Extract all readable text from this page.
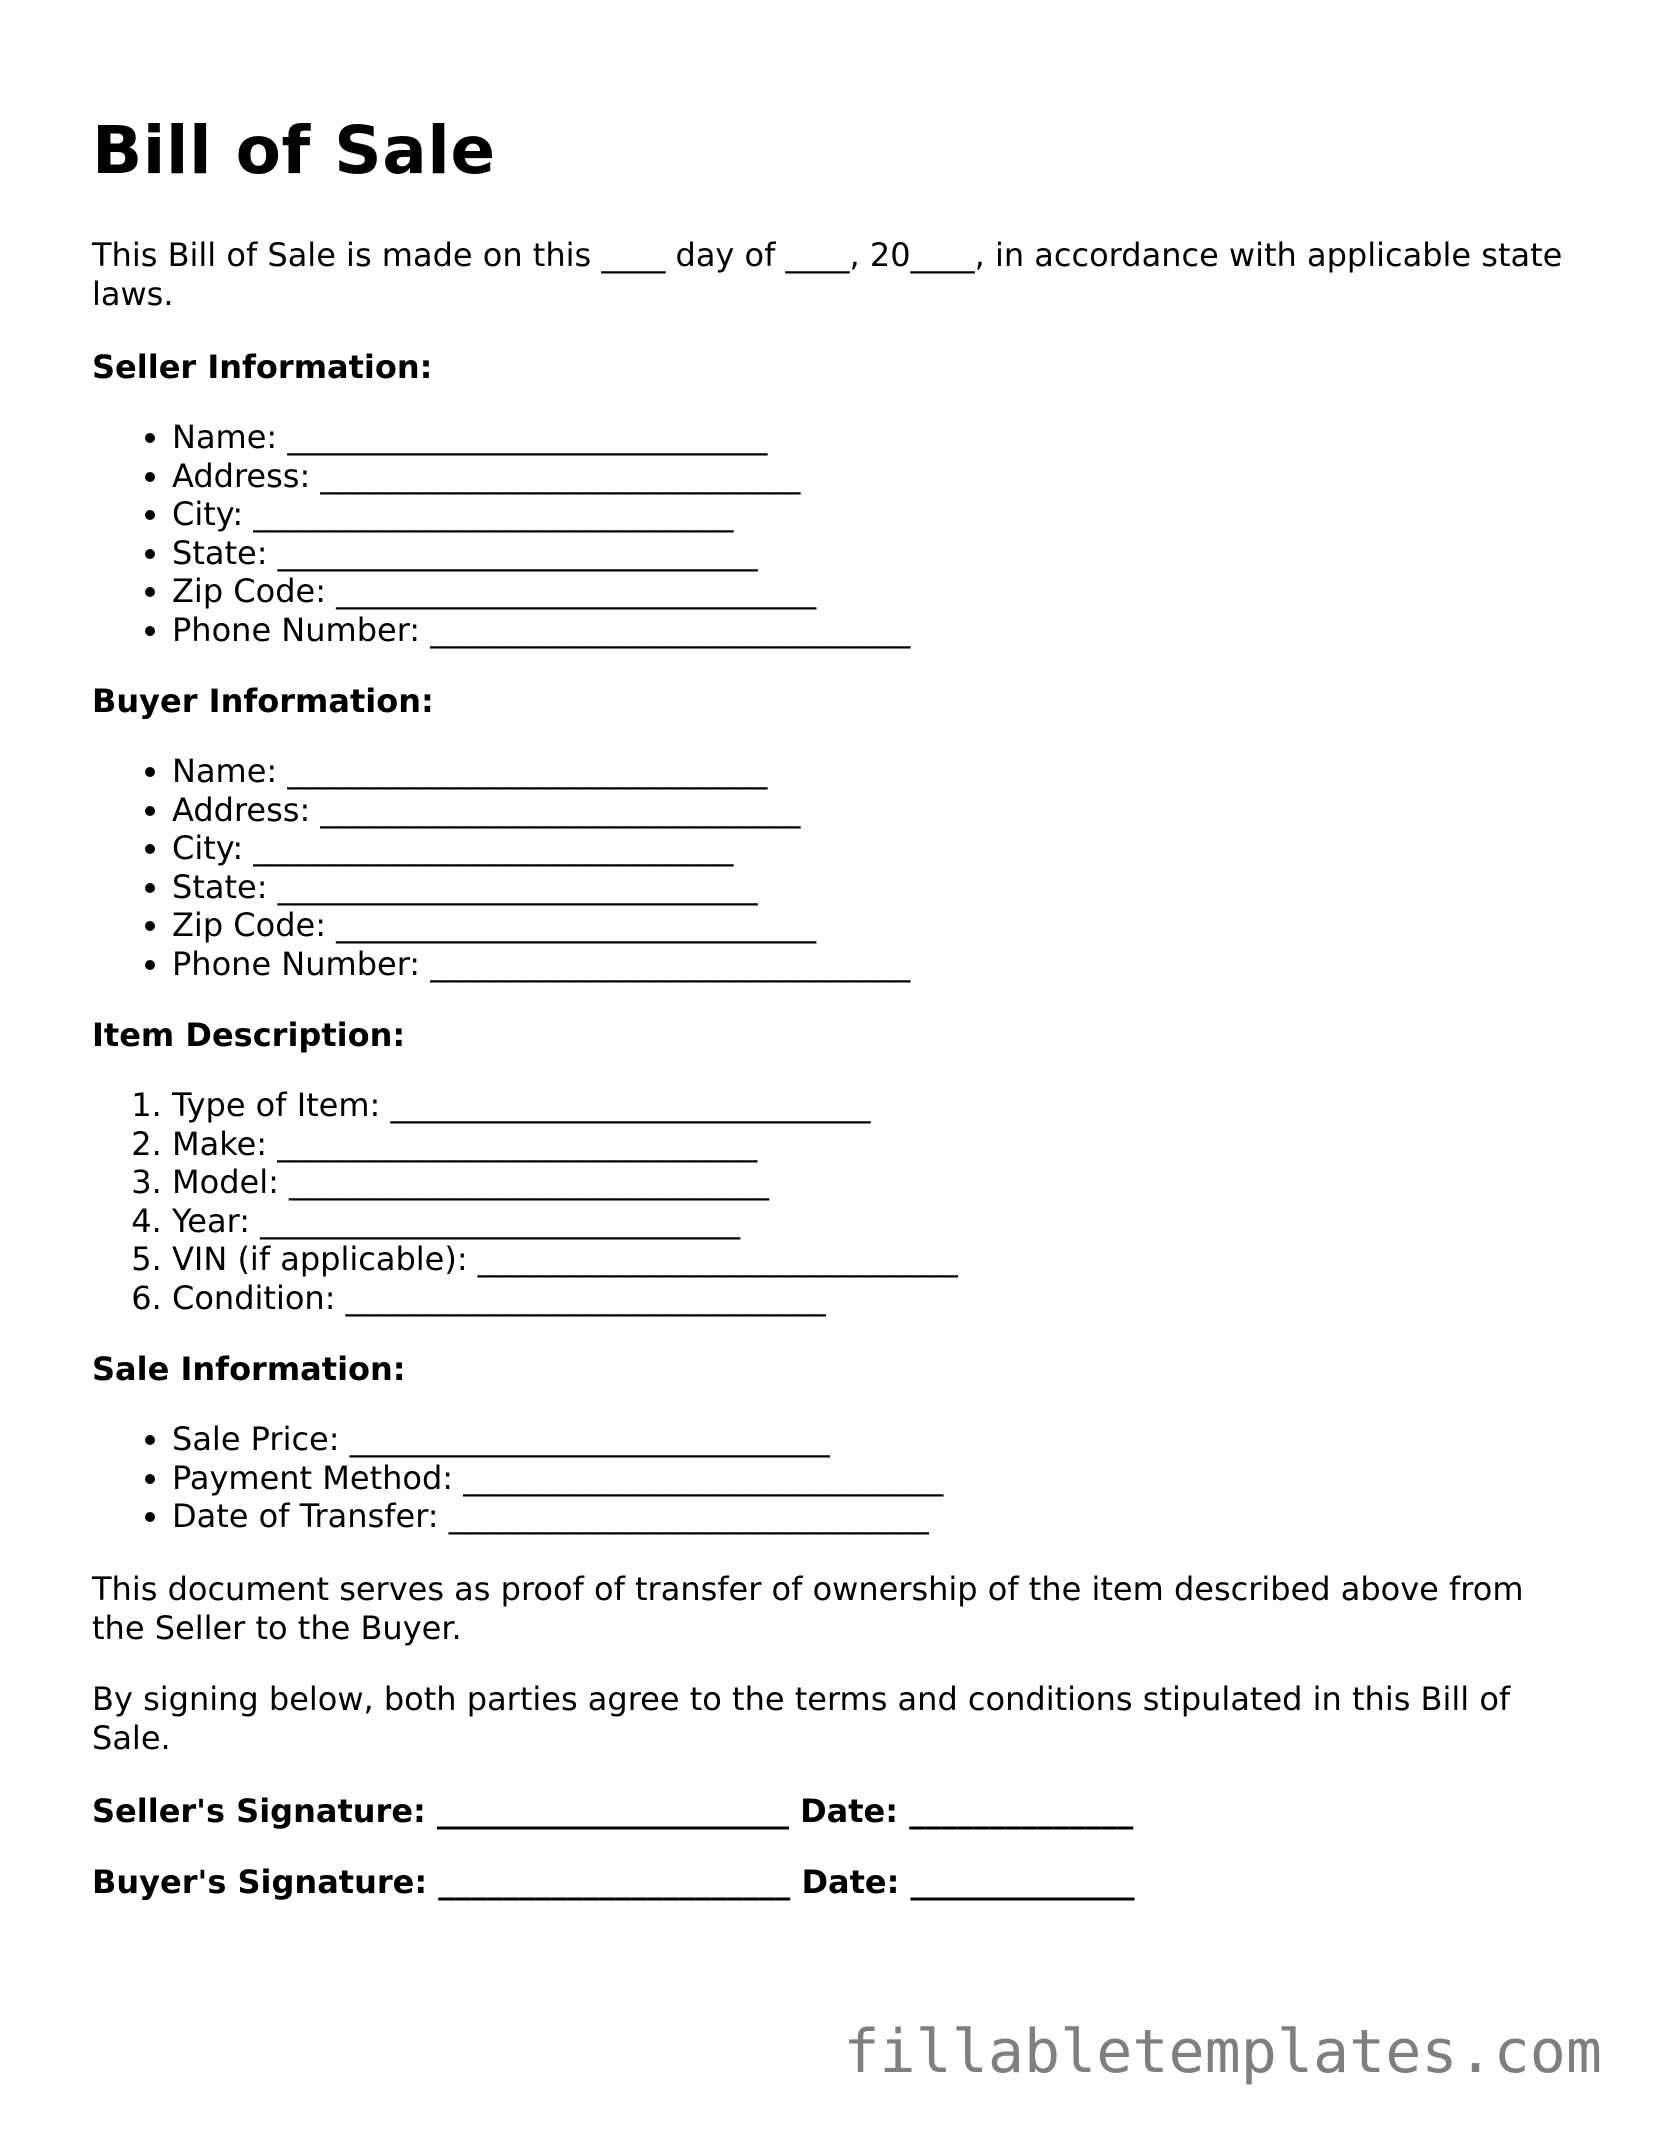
Bill of Sale

This Bill of Sale is made on this ____ day of ____, 20____, in accordance with applicable state laws.

Seller Information:

• Name: ______________________________
• Address: ______________________________
• City: ______________________________
• State: ______________________________
• Zip Code: ______________________________
• Phone Number: ______________________________

Buyer Information:

• Name: ______________________________
• Address: ______________________________
• City: ______________________________
• State: ______________________________
• Zip Code: ______________________________
• Phone Number: ______________________________

Item Description:

1. Type of Item: ______________________________
2. Make: ______________________________
3. Model: ______________________________
4. Year: ______________________________
5. VIN (if applicable): ______________________________
6. Condition: ______________________________

Sale Information:

• Sale Price: ______________________________
• Payment Method: ______________________________
• Date of Transfer: ______________________________

This document serves as proof of transfer of ownership of the item described above from the Seller to the Buyer.

By signing below, both parties agree to the terms and conditions stipulated in this Bill of Sale.

Seller's Signature: ______________________ Date: ______________

Buyer's Signature: ______________________ Date: ______________

fillabletemplates.com
